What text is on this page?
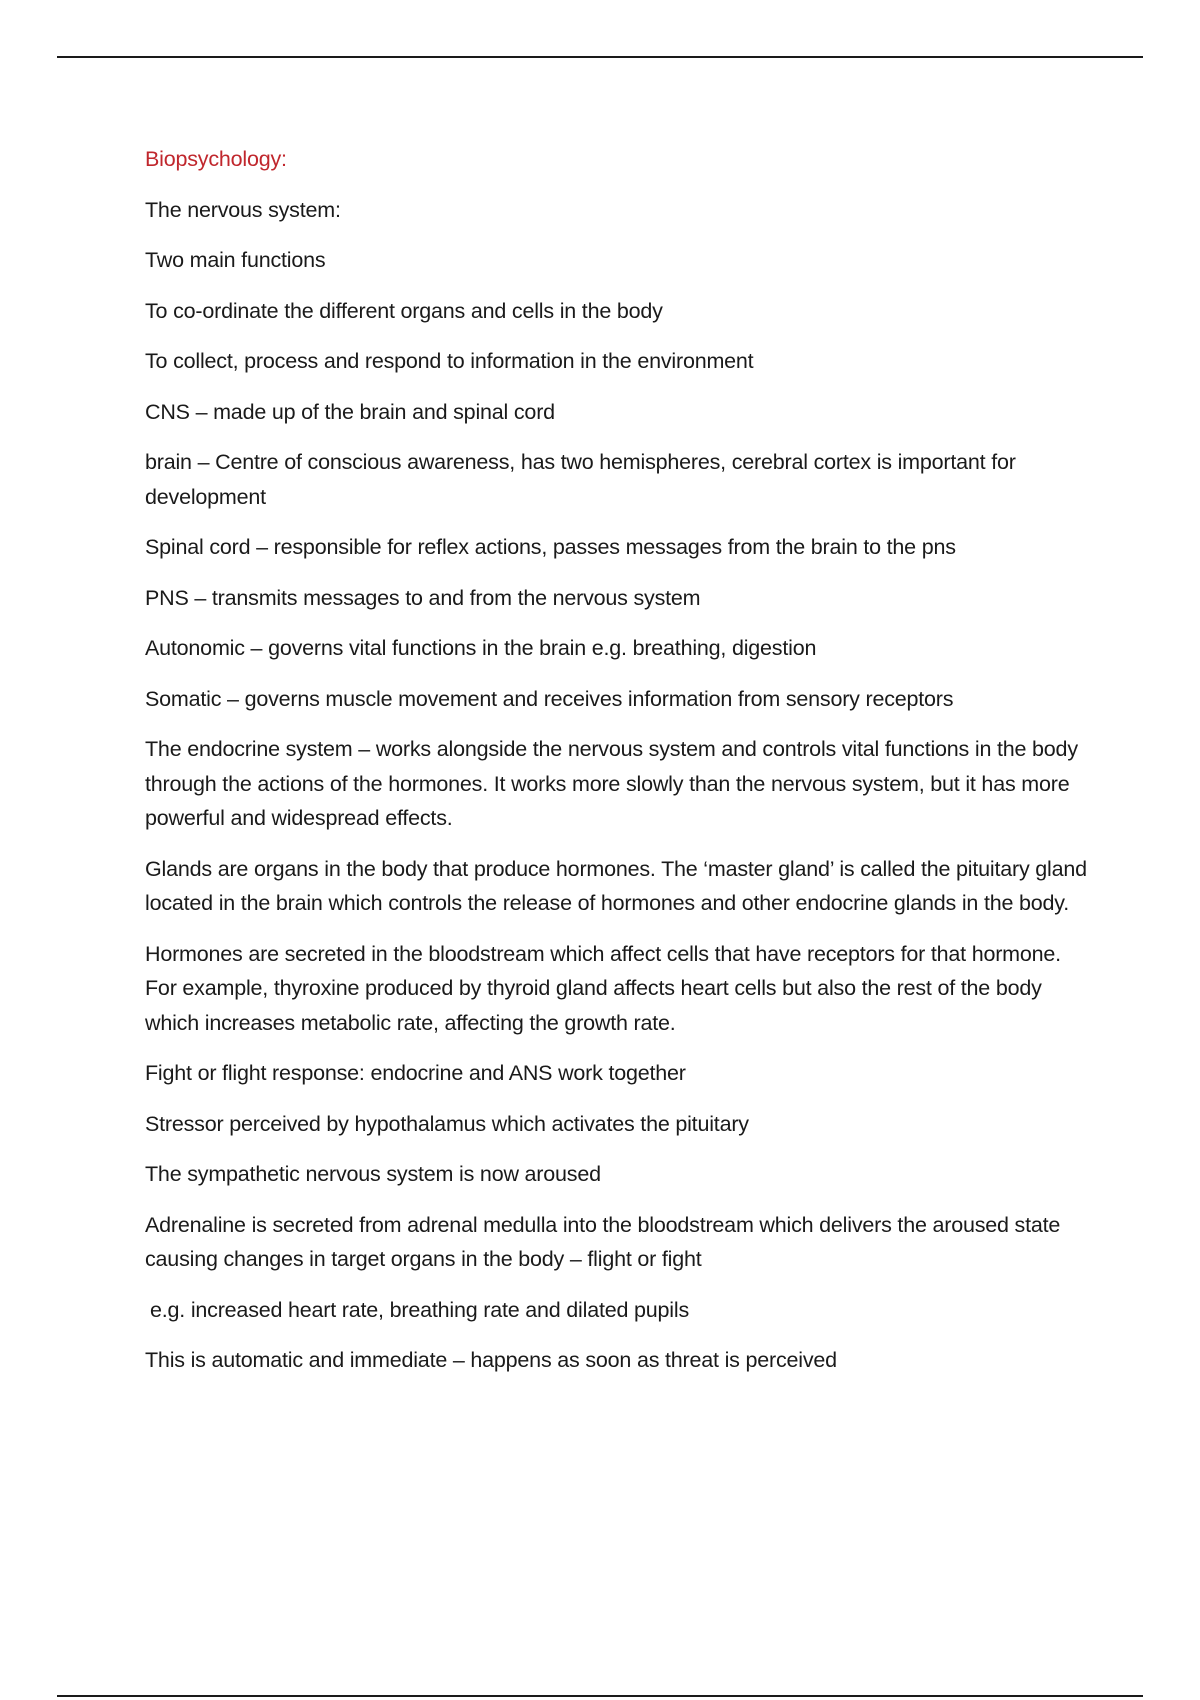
Biopsychology:

The nervous system:

Two main functions

To co-ordinate the different organs and cells in the body

To collect, process and respond to information in the environment

CNS – made up of the brain and spinal cord

brain – Centre of conscious awareness, has two hemispheres, cerebral cortex is important for development

Spinal cord – responsible for reflex actions, passes messages from the brain to the pns

PNS – transmits messages to and from the nervous system

Autonomic – governs vital functions in the brain e.g. breathing, digestion

Somatic – governs muscle movement and receives information from sensory receptors

The endocrine system – works alongside the nervous system and controls vital functions in the body through the actions of the hormones. It works more slowly than the nervous system, but it has more powerful and widespread effects.

Glands are organs in the body that produce hormones. The ‘master gland’ is called the pituitary gland located in the brain which controls the release of hormones and other endocrine glands in the body.

Hormones are secreted in the bloodstream which affect cells that have receptors for that hormone. For example, thyroxine produced by thyroid gland affects heart cells but also the rest of the body which increases metabolic rate, affecting the growth rate.

Fight or flight response: endocrine and ANS work together

Stressor perceived by hypothalamus which activates the pituitary

The sympathetic nervous system is now aroused

Adrenaline is secreted from adrenal medulla into the bloodstream which delivers the aroused state causing changes in target organs in the body – flight or fight

e.g. increased heart rate, breathing rate and dilated pupils

This is automatic and immediate – happens as soon as threat is perceived
